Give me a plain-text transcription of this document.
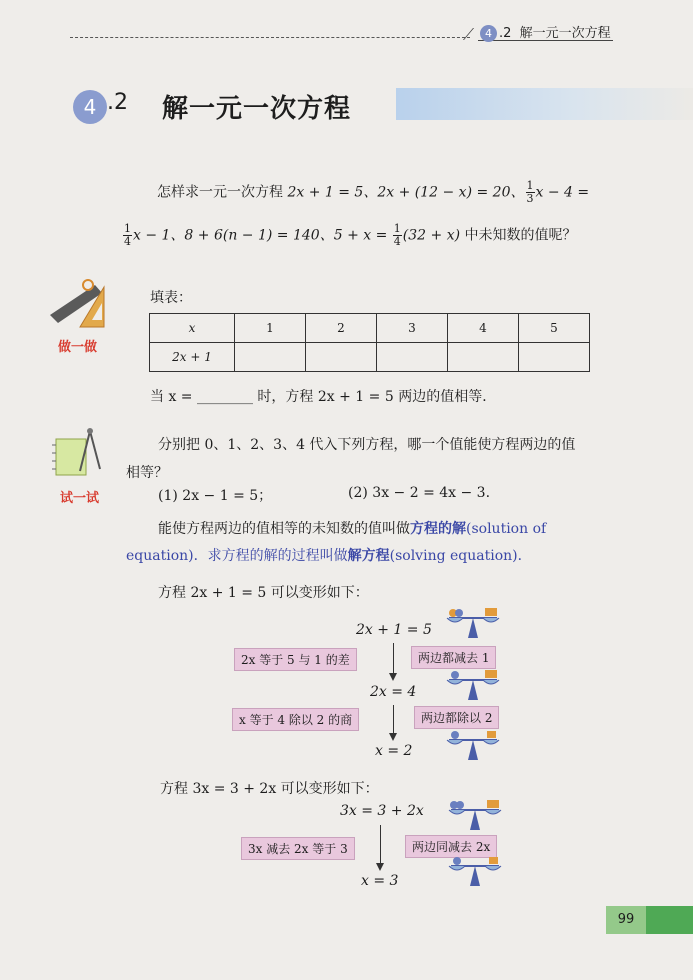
4 .2 解一元一次方程
4 .2 解一元一次方程
怎样求一元一次方程 2x + 1 = 5、2x + (12 − x) = 20、 $\frac{1}{3}$ x − 4 =
$\frac{1}{4}$ x − 1、8 + 6(n − 1) = 140、$5 + x = \frac{1}{4} (32 + x)$ 中未知数的值呢？
做一做
填表：
x	1	2	3	4	5
2x + 1					
当 x = ________ 时，方程 2x + 1 = 5 两边的值相等．
试一试
分别把 0、1、2、3、4 代入下列方程，哪一个值能使方程两边的值
相等？
(1) 2x − 1 = 5；	(2) 3x − 2 = 4x − 3.
能使方程两边的值相等的未知数的值叫做方程的解(solution of
equation)．求方程的解的过程叫做解方程(solving equation)．
方程 2x + 1 = 5 可以变形如下：
2x + 1 = 5
2x = 4
x = 2
2x 等于 5 与 1 的差	两边都减去 1
x 等于 4 除以 2 的商	两边都除以 2
方程 3x = 3 + 2x 可以变形如下：
3x = 3 + 2x
x = 3
3x 减去 2x 等于 3	两边同减去 2x
99
